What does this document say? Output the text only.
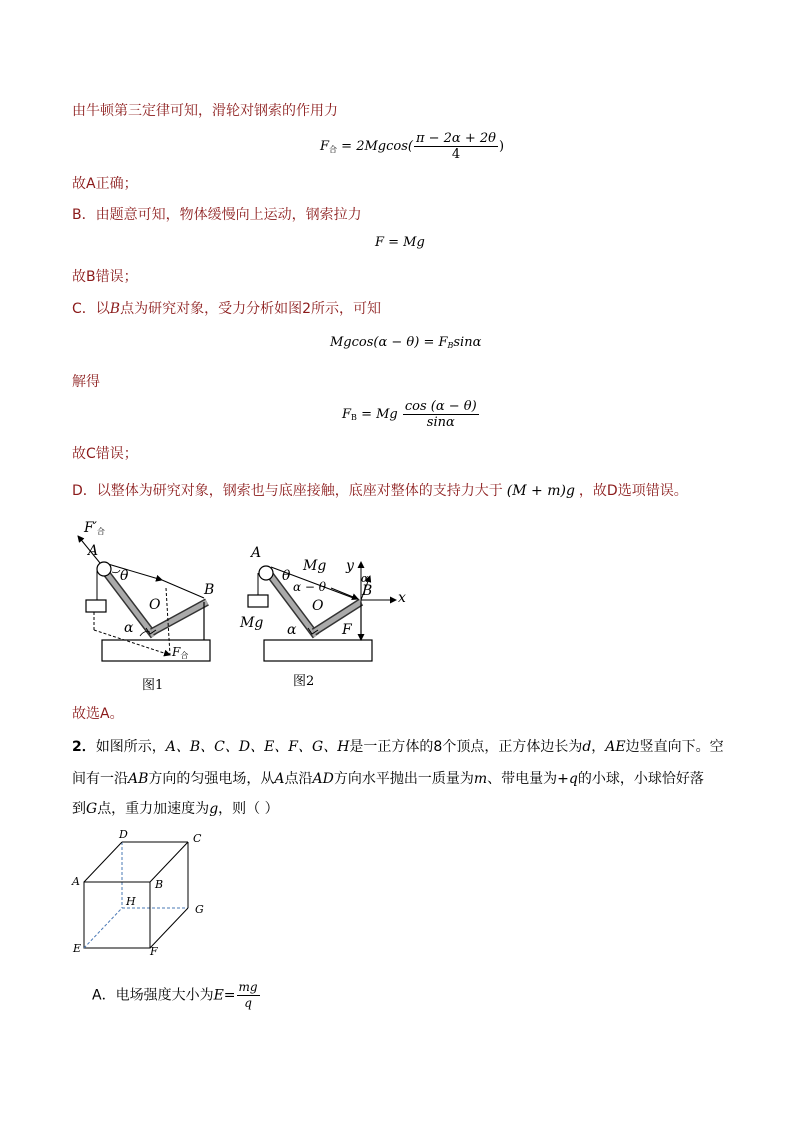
由牛顿第三定律可知，滑轮对钢索的作用力
$F_合 = 2Mgcos( \frac{\pi - 2\alpha + 2\theta}{4}$ )
故A正确；
B．由题意可知，物体缓慢向上运动，钢索拉力
F = Mg
故B错误；
C．以B点为研究对象，受力分析如图2所示，可知
$Mgcos(\alpha - \theta) = F_B\sin\alpha$
解得
$F_B = Mg \frac{\cos (\alpha - \theta)}{\sin\alpha}$
故C错误；
D．以整体为研究对象，钢索也与底座接触，底座对整体的支持力大于 (M + m)g ，故D选项错误。
$F'_合$
A
θ
B
O
α
$F_合$
图1
A
θ
Mg
α − θ
y
α
B x
O
Mg α	F
图2
故选A。
2．如图所示，A、B、C、D、E、F、G、H是一正方体的8个顶点，正方体边长为d，AE边竖直向下。空
间有一沿AB方向的匀强电场，从A点沿AD方向水平抛出一质量为m、带电量为+q的小球，小球恰好落
到G点，重力加速度为g，则（ ）
D	C
A	B
H
G
E	F
A．电场强度大小为$E= \frac{mg}{q}$
